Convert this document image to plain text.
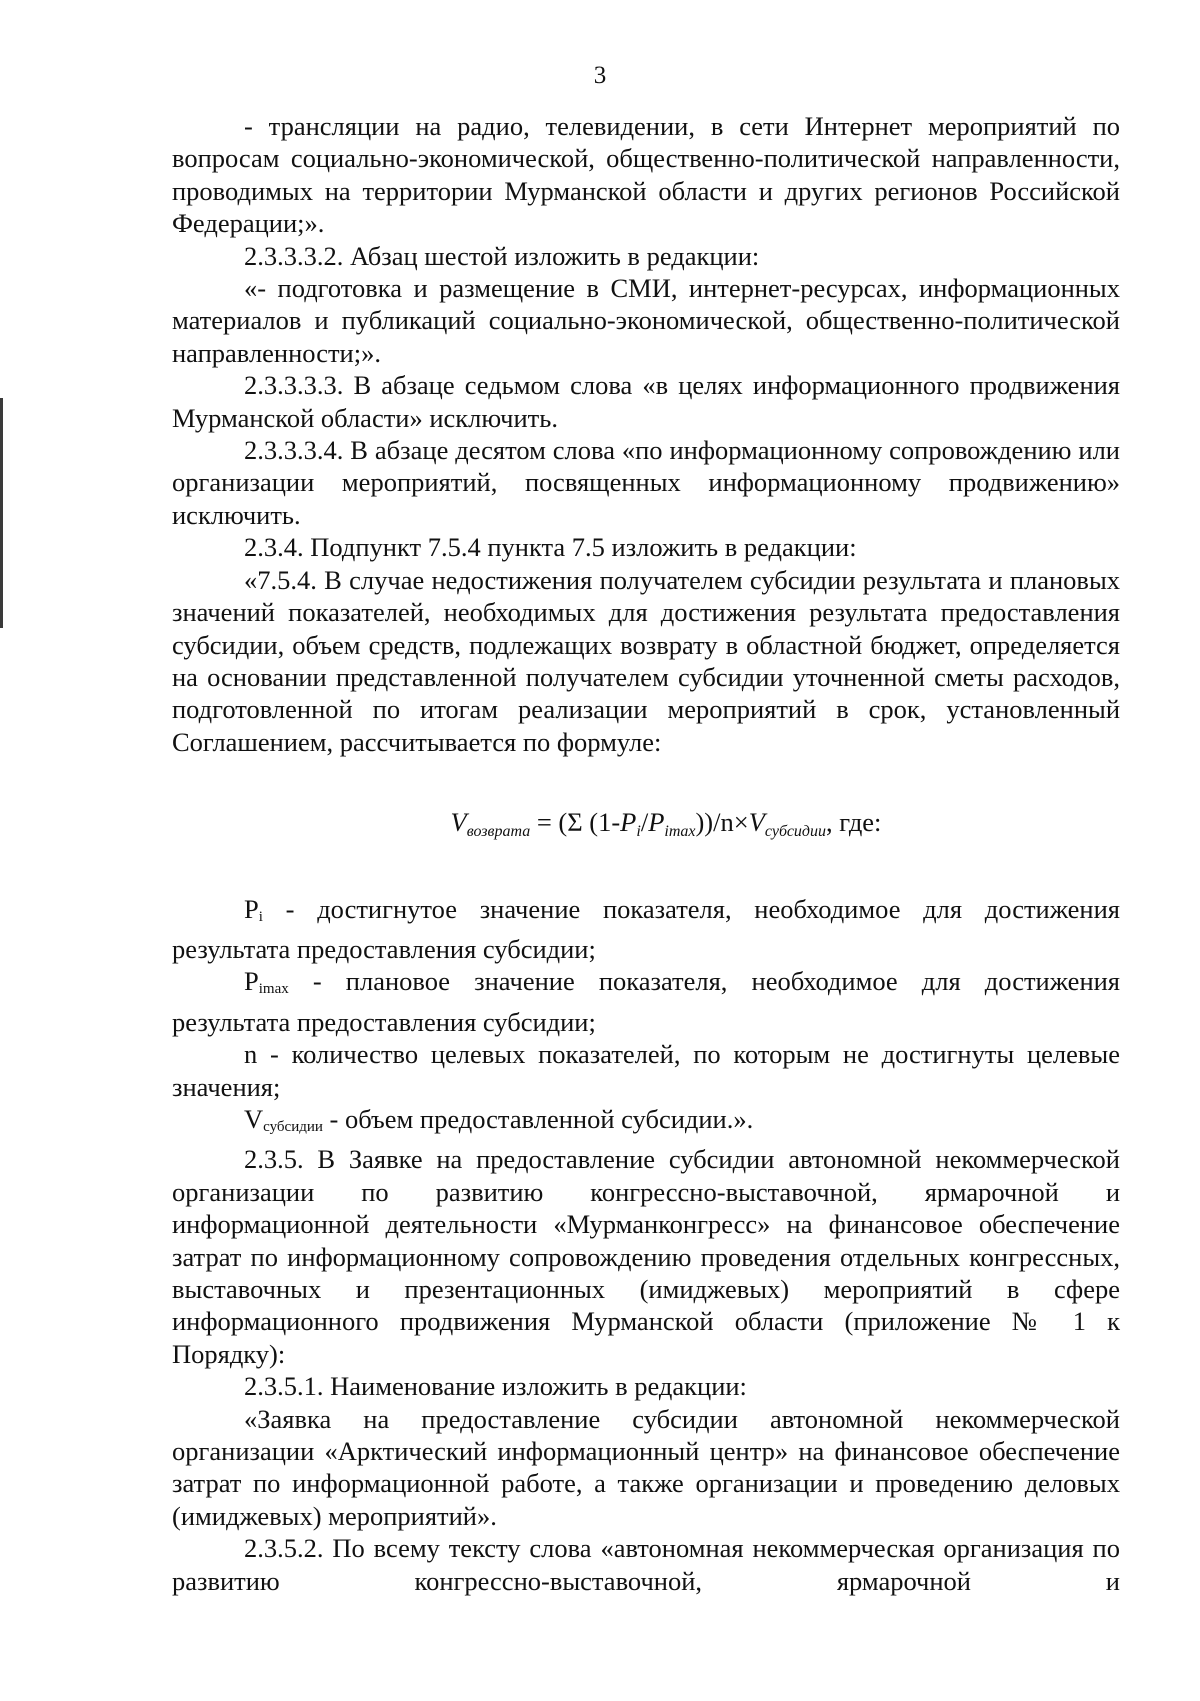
3

- трансляции на радио, телевидении, в сети Интернет мероприятий по вопросам социально-экономической, общественно-политической направленности, проводимых на территории Мурманской области и других регионов Российской Федерации;».

2.3.3.3.2. Абзац шестой изложить в редакции:

«- подготовка и размещение в СМИ, интернет-ресурсах, информационных материалов и публикаций социально-экономической, общественно-политической направленности;».

2.3.3.3.3. В абзаце седьмом слова «в целях информационного продвижения Мурманской области» исключить.

2.3.3.3.4. В абзаце десятом слова «по информационному сопровождению или организации мероприятий, посвященных информационному продвижению» исключить.

2.3.4. Подпункт 7.5.4 пункта 7.5 изложить в редакции:

«7.5.4. В случае недостижения получателем субсидии результата и плановых значений показателей, необходимых для достижения результата предоставления субсидии, объем средств, подлежащих возврату в областной бюджет, определяется на основании представленной получателем субсидии уточненной сметы расходов, подготовленной по итогам реализации мероприятий в срок, установленный Соглашением, рассчитывается по формуле:

$V_{возврата} = (\Sigma$ $(1-P_i/P_{imax}))/n\times V_{субсидии}$, где:

$P_i$ - достигнутое значение показателя, необходимое для достижения результата предоставления субсидии;

$P_{imax}$ - плановое значение показателя, необходимое для достижения результата предоставления субсидии;

n - количество целевых показателей, по которым не достигнуты целевые значения;

$V_{субсидии}$ - объем предоставленной субсидии.».

2.3.5. В Заявке на предоставление субсидии автономной некоммерческой организации по развитию конгрессно-выставочной, ярмарочной и информационной деятельности «Мурманконгресс» на финансовое обеспечение затрат по информационному сопровождению проведения отдельных конгрессных, выставочных и презентационных (имиджевых) мероприятий в сфере информационного продвижения Мурманской области (приложение № 1 к Порядку):

2.3.5.1. Наименование изложить в редакции:

«Заявка на предоставление субсидии автономной некоммерческой организации «Арктический информационный центр» на финансовое обеспечение затрат по информационной работе, а также организации и проведению деловых (имиджевых) мероприятий».

2.3.5.2. По всему тексту слова «автономная некоммерческая организация по развитию конгрессно-выставочной, ярмарочной и
